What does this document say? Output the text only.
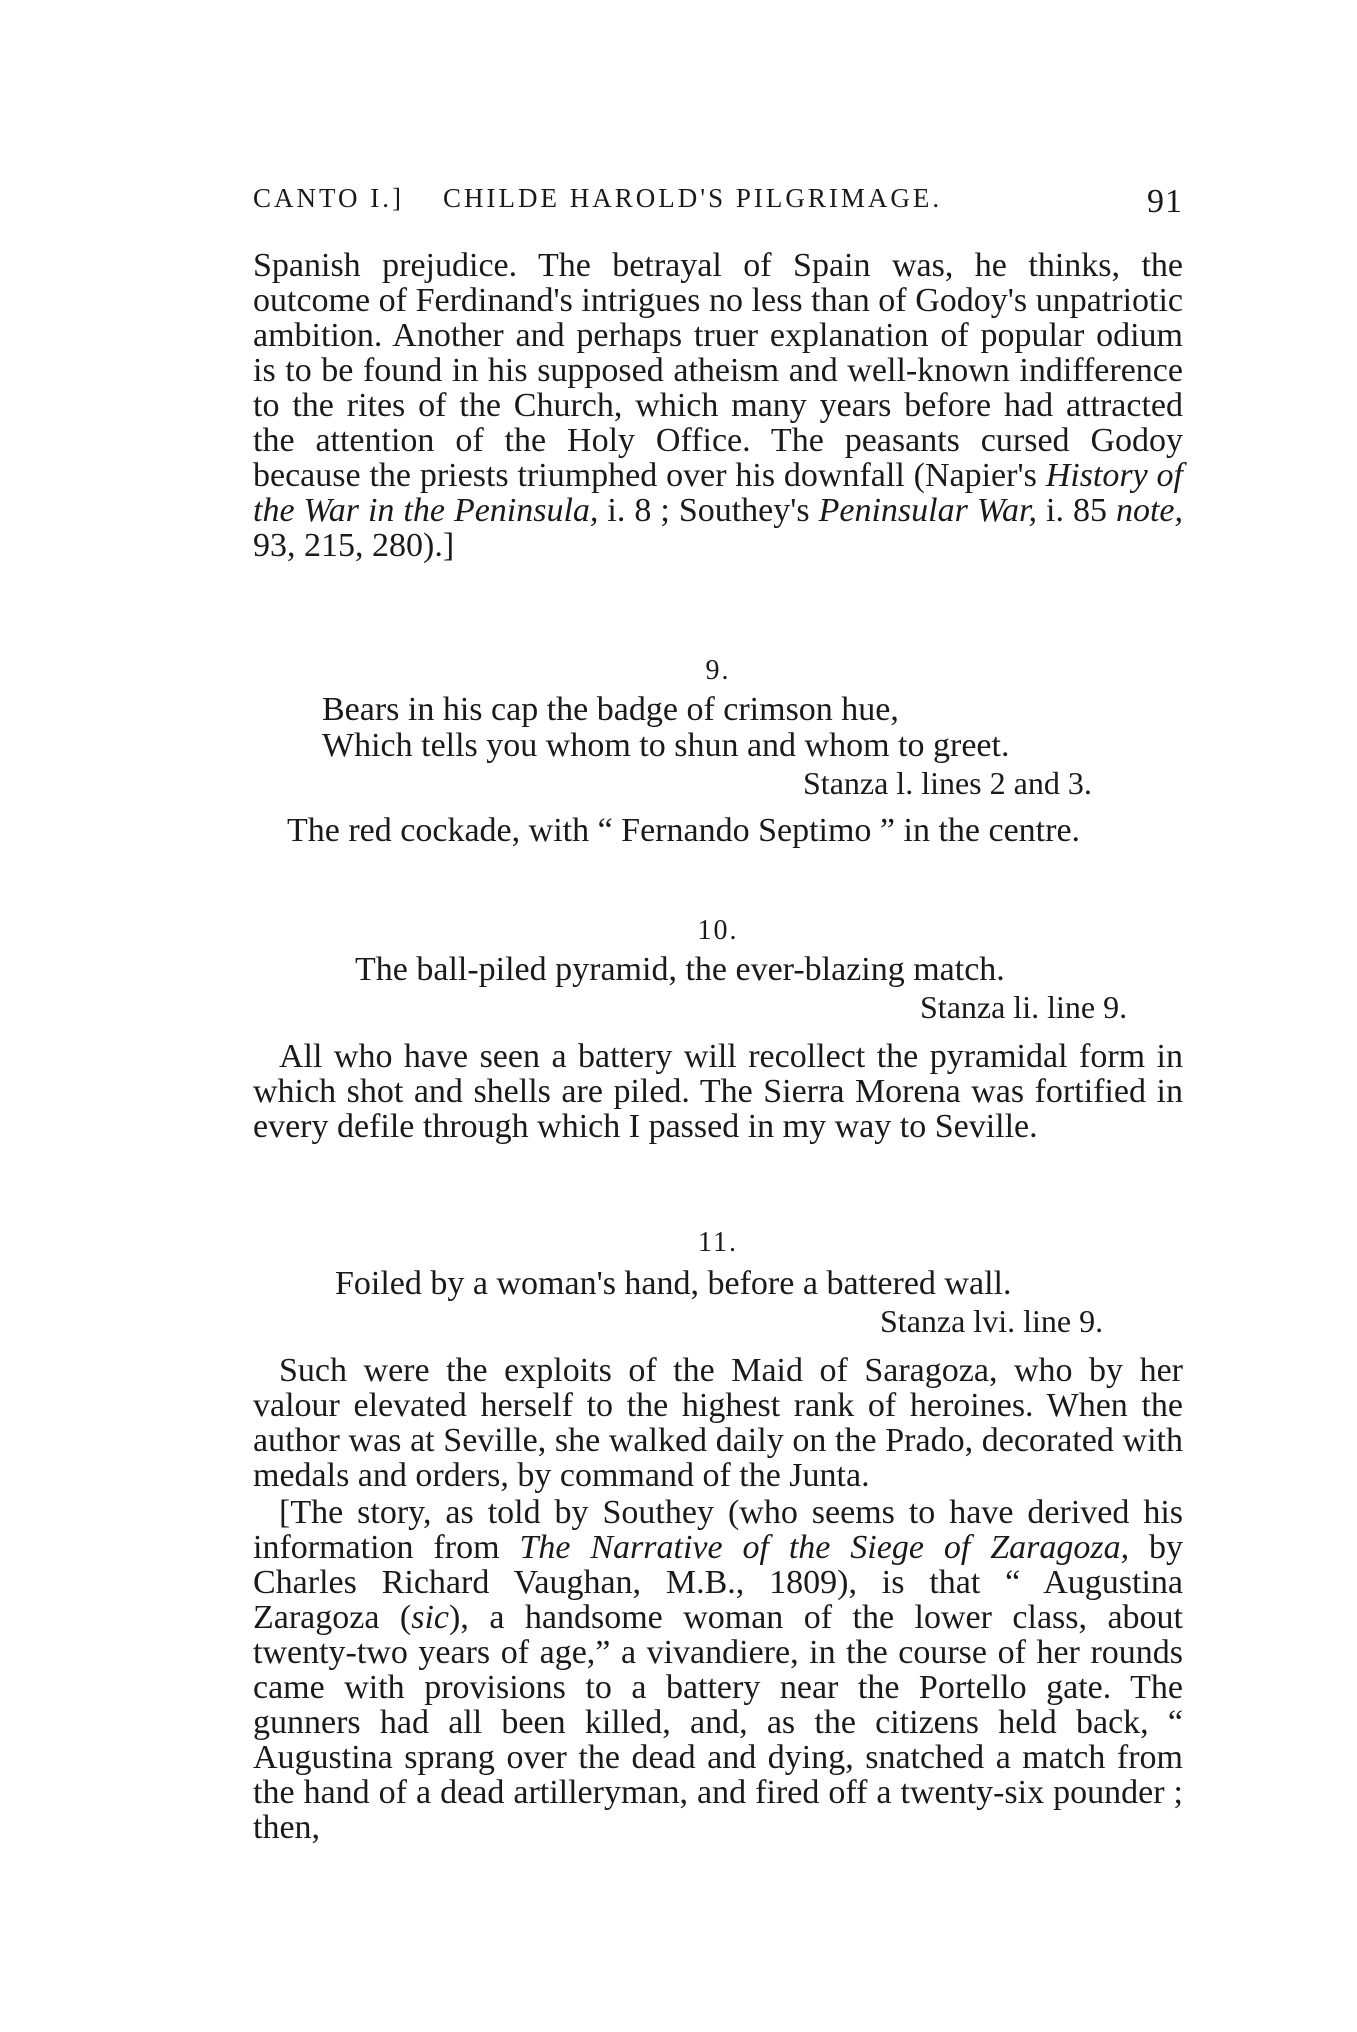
CANTO I.] CHILDE HAROLD'S PILGRIMAGE.	91

Spanish prejudice. The betrayal of Spain was, he thinks, the outcome of Ferdinand's intrigues no less than of Godoy's unpatriotic ambition. Another and perhaps truer explanation of popular odium is to be found in his supposed atheism and well-known indifference to the rites of the Church, which many years before had attracted the attention of the Holy Office. The peasants cursed Godoy because the priests triumphed over his downfall (Napier's History of the War in the Peninsula, i. 8 ; Southey's Peninsular War, i. 85 note, 93, 215, 280).]

9.
Bears in his cap the badge of crimson hue,
Which tells you whom to shun and whom to greet.
Stanza l. lines 2 and 3.

The red cockade, with “ Fernando Septimo ” in the centre.

10.
The ball-piled pyramid, the ever-blazing match.
Stanza li. line 9.

All who have seen a battery will recollect the pyramidal form in which shot and shells are piled. The Sierra Morena was fortified in every defile through which I passed in my way to Seville.

11.
Foiled by a woman's hand, before a battered wall.
Stanza lvi. line 9.

Such were the exploits of the Maid of Saragoza, who by her valour elevated herself to the highest rank of heroines. When the author was at Seville, she walked daily on the Prado, decorated with medals and orders, by command of the Junta.

[The story, as told by Southey (who seems to have derived his information from The Narrative of the Siege of Zaragoza, by Charles Richard Vaughan, M.B., 1809), is that “ Augustina Zaragoza (sic), a handsome woman of the lower class, about twenty-two years of age,” a vivandiere, in the course of her rounds came with provisions to a battery near the Portello gate. The gunners had all been killed, and, as the citizens held back, “ Augustina sprang over the dead and dying, snatched a match from the hand of a dead artilleryman, and fired off a twenty-six pounder ; then,
